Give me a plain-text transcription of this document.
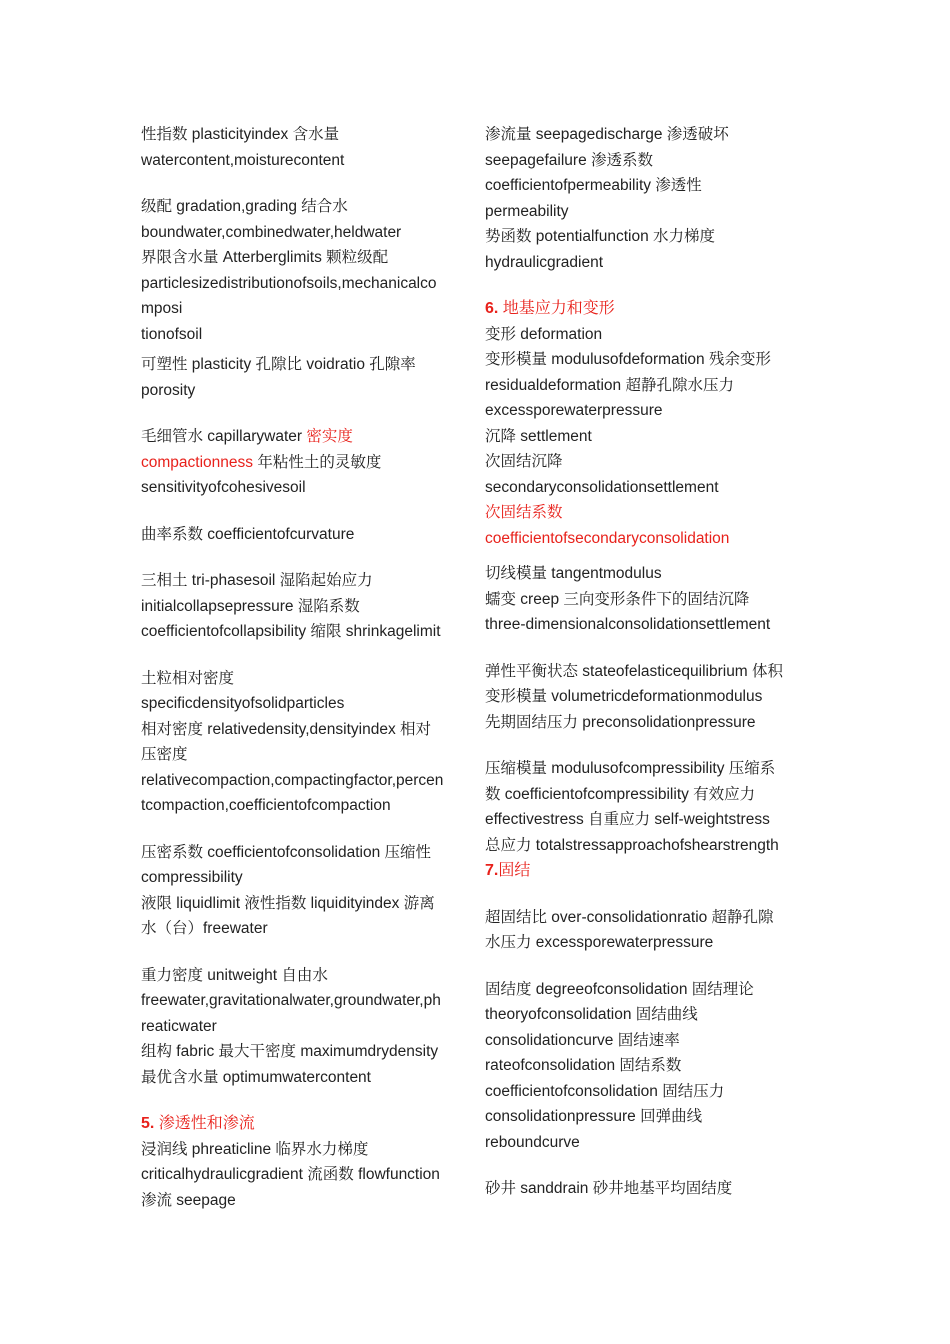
性指数 plasticityindex 含水量
watercontent,moisturecontent
级配 gradation,grading 结合水
boundwater,combinedwater,heldwater
界限含水量 Atterberglimits 颗粒级配
particlesizedistributionofsoils,mechanicalco
mposi
tionofsoil
可塑性 plasticity 孔隙比 voidratio 孔隙率
porosity
毛细管水 capillarywater 密实度
compactionness 年粘性土的灵敏度
sensitivityofcohesivesoil
曲率系数 coefficientofcurvature
三相土 tri-phasesoil 湿陷起始应力
initialcollapsepressure 湿陷系数
coefficientofcollapsibility 缩限 shrinkagelimit
土粒相对密度
specificdensityofsolidparticles
相对密度 relativedensity,densityindex 相对
压密度
relativecompaction,compactingfactor,percen
tcompaction,coefficientofcompaction
压密系数 coefficientofconsolidation 压缩性
compressibility
液限 liquidlimit 液性指数 liquidityindex 游离
水（台）freewater
重力密度 unitweight 自由水
freewater,gravitationalwater,groundwater,ph
reaticwater
组构 fabric 最大干密度 maximumdrydensity
最优含水量 optimumwatercontent
5. 渗透性和渗流
浸润线 phreaticline 临界水力梯度
criticalhydraulicgradient 流函数 flowfunction
渗流 seepage
渗流量 seepagedischarge 渗透破坏
seepagefailure 渗透系数
coefficientofpermeability 渗透性
permeability
势函数 potentialfunction 水力梯度
hydraulicgradient
6. 地基应力和变形
变形 deformation
变形模量 modulusofdeformation 残余变形
residualdeformation 超静孔隙水压力
excessporewaterpressure
沉降 settlement
次固结沉降
secondaryconsolidationsettlement
次固结系数
coefficientofsecondaryconsolidation
切线模量 tangentmodulus
蠕变 creep 三向变形条件下的固结沉降
three-dimensionalconsolidationsettlement
弹性平衡状态 stateofelasticequilibrium 体积
变形模量 volumetricdeformationmodulus
先期固结压力 preconsolidationpressure
压缩模量 modulusofcompressibility 压缩系
数 coefficientofcompressibility 有效应力
effectivestress 自重应力 self-weightstress
总应力 totalstressapproachofshearstrength
7.固结
超固结比 over-consolidationratio 超静孔隙
水压力 excessporewaterpressure
固结度 degreeofconsolidation 固结理论
theoryofconsolidation 固结曲线
consolidationcurve 固结速率
rateofconsolidation 固结系数
coefficientofconsolidation 固结压力
consolidationpressure 回弹曲线
reboundcurve
砂井 sanddrain 砂井地基平均固结度
